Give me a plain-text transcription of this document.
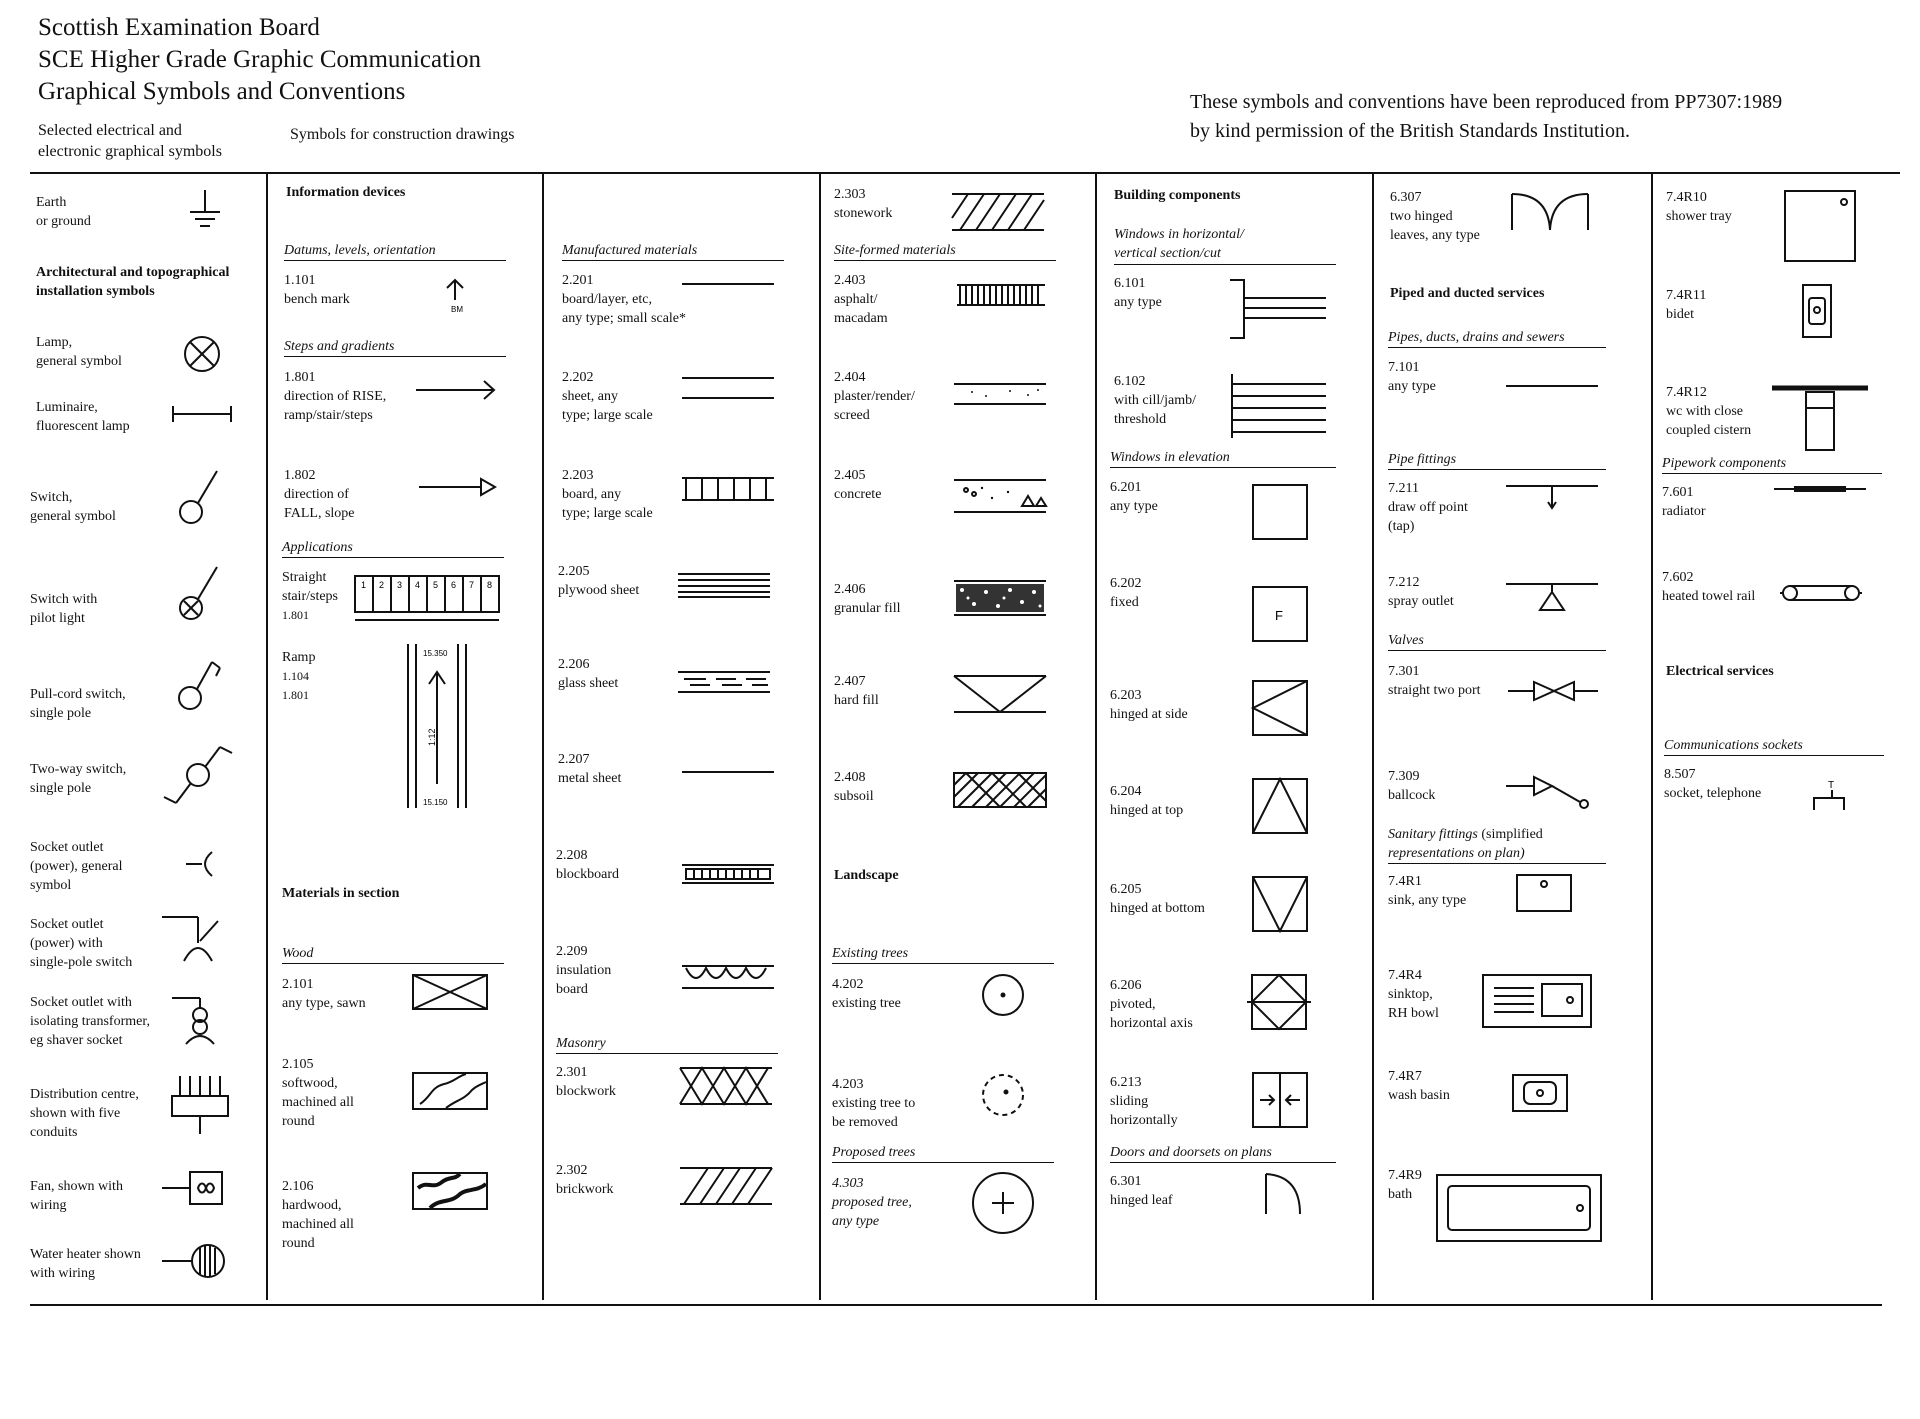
Scottish Examination Board
SCE Higher Grade Graphic Communication
Graphical Symbols and Conventions	These symbols and conventions have been reproduced from PP7307:1989
by kind permission of the British Standards Institution.
Selected electrical and
electronic graphical symbols
Symbols for construction drawings
Earth
or ground
Architectural and topographical
installation symbols
Lamp,
general symbol
Luminaire,
fluorescent lamp
Switch,
general symbol
Switch with
pilot light
Pull-cord switch,
single pole
Two-way switch,
single pole
Socket outlet
(power), general
symbol
Socket outlet
(power) with
single-pole switch
Socket outlet with
isolating transformer,
eg shaver socket
Distribution centre,
shown with five
conduits
Fan, shown with
wiring
Water heater shown
with wiring
Information devices
Datums, levels, orientation
1.101
bench mark
BM
Steps and gradients
1.801
direction of RISE,
ramp/stair/steps
1.802
direction of
FALL, slope
Applications
Straight
stair/steps
1.801
1 2 3 4 5 6 7 8
Ramp
1.104
1.801
15.350
1:12
15.150
Materials in section
Wood
2.101
any type, sawn
2.105
softwood,
machined all
round
2.106
hardwood,
machined all
round
Manufactured materials
2.201
board/layer, etc,
any type; small scale*
2.202
sheet, any
type; large scale
2.203
board, any
type; large scale
2.205
plywood sheet
2.206
glass sheet
2.207
metal sheet
2.208
blockboard
2.209
insulation
board
Masonry
2.301
blockwork
2.302
brickwork
2.303
stonework
Site-formed materials
2.403
asphalt/
macadam
2.404
plaster/render/
screed
2.405
concrete
2.406
granular fill
2.407
hard fill
2.408
subsoil
Landscape
Existing trees
4.202
existing tree
4.203
existing tree to
be removed
Proposed trees
4.303
proposed tree,
any type
Building components
Windows in horizontal/
vertical section/cut
6.101
any type
6.102
with cill/jamb/
threshold
Windows in elevation
6.201
any type
6.202
fixed
F
6.203
hinged at side
6.204
hinged at top
6.205
hinged at bottom
6.206
pivoted,
horizontal axis
6.213
sliding
horizontally
Doors and doorsets on plans
6.301
hinged leaf
6.307
two hinged
leaves, any type
Piped and ducted services
Pipes, ducts, drains and sewers
7.101
any type
Pipe fittings
7.211
draw off point
(tap)
7.212
spray outlet
Valves
7.301
straight two port
7.309
ballcock
Sanitary fittings (simplified
representations on plan)
7.4R1
sink, any type
7.4R4
sinktop,
RH bowl
7.4R7
wash basin
7.4R9
bath
7.4R10
shower tray
7.4R11
bidet
7.4R12
wc with close
coupled cistern
Pipework components
7.601
radiator
7.602
heated towel rail
Electrical services
Communications sockets
8.507
socket, telephone
T
